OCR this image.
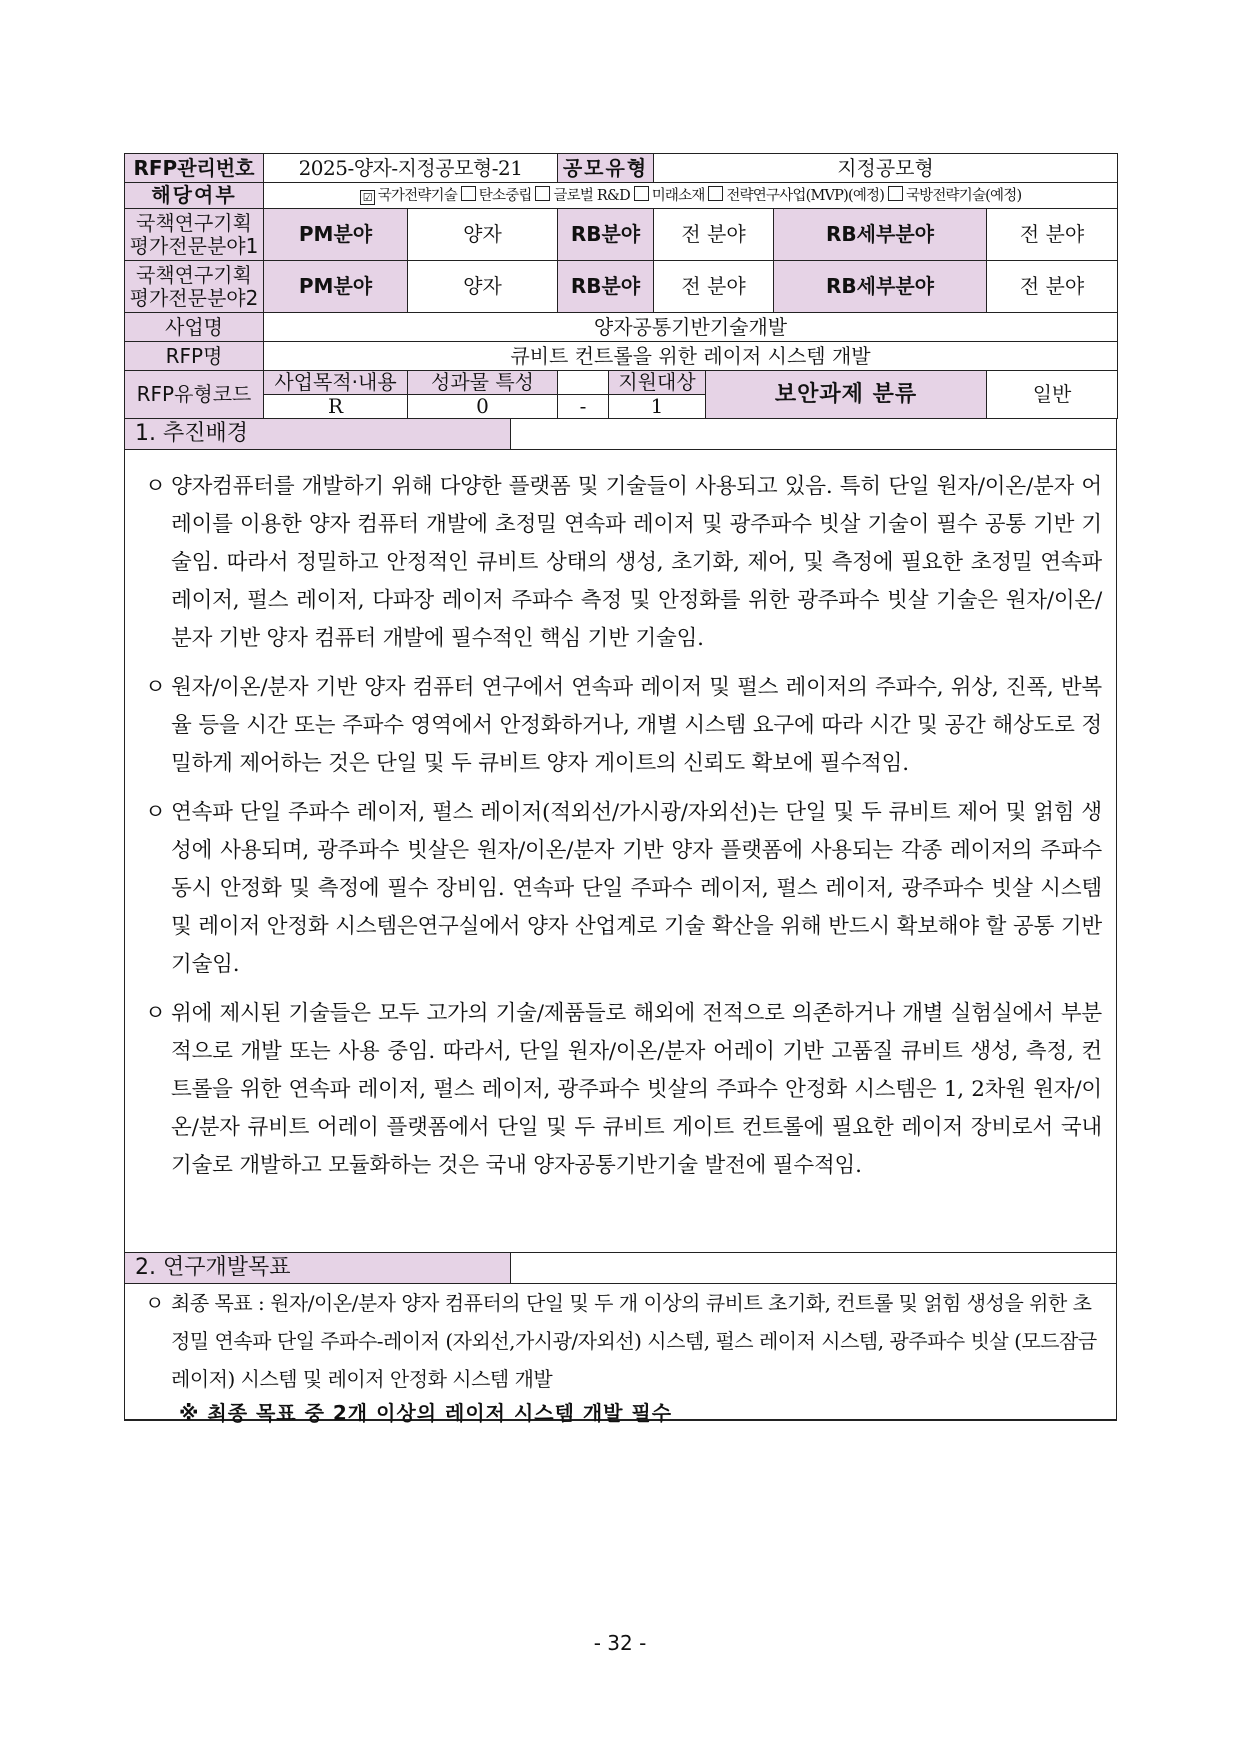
RFP관리번호	2025-양자-지정공모형-21		공모유형		지정공모형			
해당여부	☑ 국가전략기술 탄소중립 글로벌 R&D 미래소재 전략연구사업(MVP)(예정) 국방전략기술(예정)							
국책연구기획
평가전문분야1	PM분야	양자	RB분야		전 분야		RB세부분야	전 분야
국책연구기획
평가전문분야2	PM분야	양자	RB분야		전 분야		RB세부분야	전 분야
사업명	양자공통기반기술개발							
RFP명	큐비트 컨트롤을 위한 레이저 시스템 개발							
RFP유형코드	사업목적·내용	성과물 특성		지원대상		보안과제 분류		일반
	R	0	-	1				
1. 추진배경
ㅇ 양자컴퓨터를 개발하기 위해 다양한 플랫폼 및 기술들이 사용되고 있음. 특히 단일 원자/이온/분자 어레이를 이용한 양자 컴퓨터 개발에 초정밀 연속파 레이저 및 광주파수 빗살 기술이 필수 공통 기반 기술임. 따라서 정밀하고 안정적인 큐비트 상태의 생성, 초기화, 제어, 및 측정에 필요한 초정밀 연속파 레이저, 펄스 레이저, 다파장 레이저 주파수 측정 및 안정화를 위한 광주파수 빗살 기술은 원자/이온/분자 기반 양자 컴퓨터 개발에 필수적인 핵심 기반 기술임.
ㅇ 원자/이온/분자 기반 양자 컴퓨터 연구에서 연속파 레이저 및 펄스 레이저의 주파수, 위상, 진폭, 반복율 등을 시간 또는 주파수 영역에서 안정화하거나, 개별 시스템 요구에 따라 시간 및 공간 해상도로 정밀하게 제어하는 것은 단일 및 두 큐비트 양자 게이트의 신뢰도 확보에 필수적임.
ㅇ 연속파 단일 주파수 레이저, 펄스 레이저(적외선/가시광/자외선)는 단일 및 두 큐비트 제어 및 얽힘 생성에 사용되며, 광주파수 빗살은 원자/이온/분자 기반 양자 플랫폼에 사용되는 각종 레이저의 주파수 동시 안정화 및 측정에 필수 장비임. 연속파 단일 주파수 레이저, 펄스 레이저, 광주파수 빗살 시스템 및 레이저 안정화 시스템은연구실에서 양자 산업계로 기술 확산을 위해 반드시 확보해야 할 공통 기반 기술임.
ㅇ 위에 제시된 기술들은 모두 고가의 기술/제품들로 해외에 전적으로 의존하거나 개별 실험실에서 부분적으로 개발 또는 사용 중임. 따라서, 단일 원자/이온/분자 어레이 기반 고품질 큐비트 생성, 측정, 컨트롤을 위한 연속파 레이저, 펄스 레이저, 광주파수 빗살의 주파수 안정화 시스템은 1, 2차원 원자/이온/분자 큐비트 어레이 플랫폼에서 단일 및 두 큐비트 게이트 컨트롤에 필요한 레이저 장비로서 국내 기술로 개발하고 모듈화하는 것은 국내 양자공통기반기술 발전에 필수적임.
2. 연구개발목표
ㅇ 최종 목표 : 원자/이온/분자 양자 컴퓨터의 단일 및 두 개 이상의 큐비트 초기화, 컨트롤 및 얽힘 생성을 위한 초정밀 연속파 단일 주파수-레이저 (자외선,가시광/자외선) 시스템, 펄스 레이저 시스템, 광주파수 빗살 (모드잠금 레이저) 시스템 및 레이저 안정화 시스템 개발
※ 최종 목표 중 2개 이상의 레이저 시스템 개발 필수
- 32 -
